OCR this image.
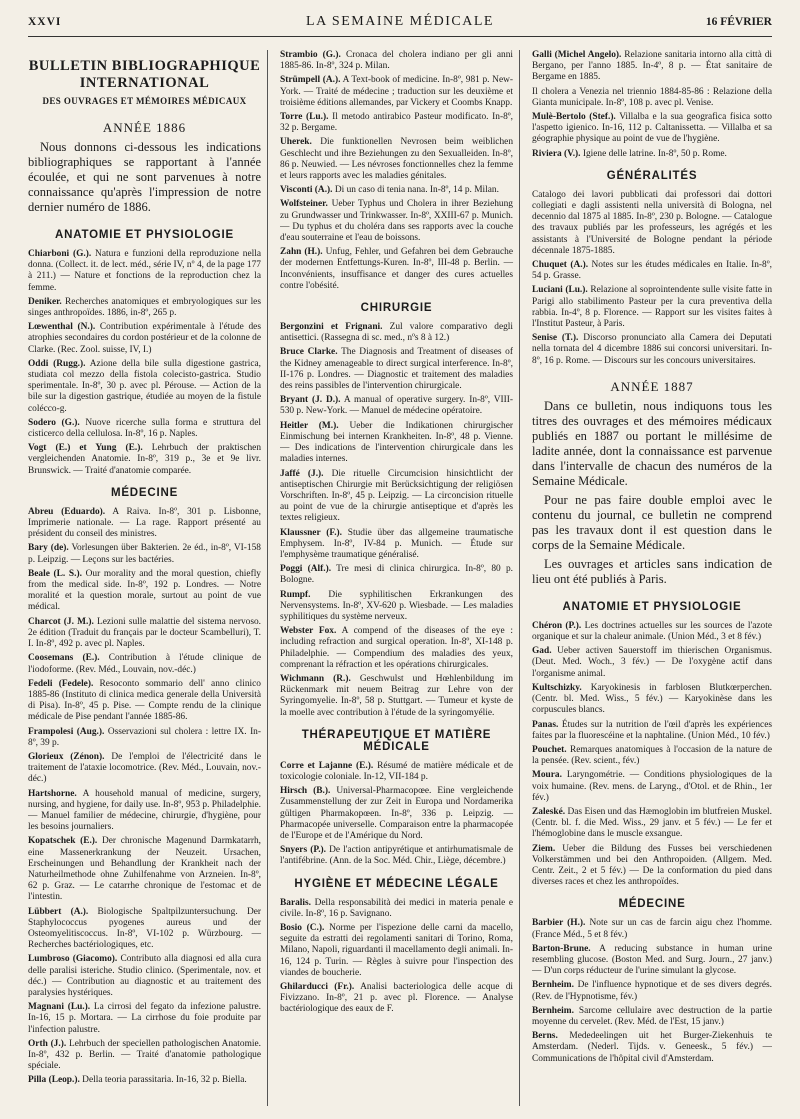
XXVI	LA SEMAINE MÉDICALE	16 FÉVRIER
BULLETIN BIBLIOGRAPHIQUE INTERNATIONAL
DES OUVRAGES ET MÉMOIRES MÉDICAUX
ANNÉE 1886

Nous donnons ci-dessous les indications bibliographiques se rapportant à l'année écoulée, et qui ne sont parvenues à notre connaissance qu'après l'impression de notre dernier numéro de 1886.

ANATOMIE ET PHYSIOLOGIE

Chiarboni (G.). Natura e funzioni della reproduzione nella donna. (Collect. it. de lect. méd., série IV, nº 4, de la page 177 à 211.) — Nature et fonctions de la reproduction chez la femme.

Deniker. Recherches anatomiques et embryologiques sur les singes anthropoïdes. 1886, in-8º, 265 p.

Lœwenthal (N.). Contribution expérimentale à l'étude des atrophies secondaires du cordon postérieur et de la colonne de Clarke. (Rec. Zool. suisse, IV, I.)

Oddi (Rugg.). Azione della bile sulla digestione gastrica, studiata col mezzo della fistola colecisto-gastrica. Studio sperimentale. In-8º, 30 p. avec pl. Pérouse. — Action de la bile sur la digestion gastrique, étudiée au moyen de la fistule colécco-g.

Sodero (G.). Nuove ricerche sulla forma e struttura del cisticerco della cellulosa. In-8º, 16 p. Naples.

Vogt (E.) et Yung (E.). Lehrbuch der praktischen vergleichenden Anatomie. In-8º, 319 p., 3e et 9e livr. Brunswick. — Traité d'anatomie comparée.

MÉDECINE

Abreu (Eduardo). A Raiva. In-8º, 301 p. Lisbonne, Imprimerie nationale. — La rage. Rapport présenté au président du conseil des ministres.

Bary (de). Vorlesungen über Bakterien. 2e éd., in-8º, VI-158 p. Leipzig. — Leçons sur les bactéries.

Beale (L. S.). Our morality and the moral question, chiefly from the medical side. In-8º, 192 p. Londres. — Notre moralité et la question morale, surtout au point de vue médical.

Charcot (J. M.). Lezioni sulle malattie del sistema nervoso. 2e édition (Traduit du français par le docteur Scambelluri), T. I. In-8º, 492 p. avec pl. Naples.

Coosemans (E.). Contribution à l'étude clinique de l'iodoforme. (Rev. Méd., Louvain, nov.-déc.)

Fedeli (Fedele). Resoconto sommario dell' anno clinico 1885-86 (Instituto di clinica medica generale della Università di Pisa). In-8º, 45 p. Pise. — Compte rendu de la clinique médicale de Pise pendant l'année 1885-86.

Frampolesi (Aug.). Osservazioni sul cholera : lettre IX. In-8º, 39 p.

Glorieux (Zénon). De l'emploi de l'électricité dans le traitement de l'ataxie locomotrice. (Rev. Méd., Louvain, nov.-déc.)

Hartshorne. A household manual of medicine, surgery, nursing, and hygiene, for daily use. In-8º, 953 p. Philadelphie. — Manuel familier de médecine, chirurgie, d'hygiène, pour les besoins journaliers.

Kopatschek (E.). Der chronische Magenund Darmkatarrh, eine Massenerkrankung der Neuzeit. Ursachen, Erscheinungen und Behandlung der Krankheit nach der Naturheilmethode ohne Zuhilfenahme von Arzneien. In-8º, 62 p. Graz. — Le catarrhe chronique de l'estomac et de l'intestin.

Lübbert (A.). Biologische Spaltpilzuntersuchung. Der Staphylococcus pyogenes aureus und der Osteomyelitiscoccus. In-8º, VI-102 p. Würzbourg. — Recherches bactériologiques, etc.

Lumbroso (Giacomo). Contributo alla diagnosi ed alla cura delle paralisi isteriche. Studio clinico. (Sperimentale, nov. et déc.) — Contribution au diagnostic et au traitement des paralysies hystériques.

Magnani (Lu.). La cirrosi del fegato da infezione palustre. In-16, 15 p. Mortara. — La cirrhose du foie produite par l'infection palustre.

Orth (J.). Lehrbuch der speciellen pathologischen Anatomie. In-8º, 432 p. Berlin. — Traité d'anatomie pathologique spéciale.

Pilla (Leop.). Della teoria parassitaria. In-16, 32 p. Biella.

Strambio (G.). Cronaca del cholera indiano per gli anni 1885-86. In-8º, 324 p. Milan.

Strümpell (A.). A Text-book of medicine. In-8º, 981 p. New-York. — Traité de médecine ; traduction sur les deuxième et troisième éditions allemandes, par Vickery et Coombs Knapp.

Torre (Lu.). Il metodo antirabico Pasteur modificato. In-8º, 32 p. Bergame.

Uherek. Die funktionellen Nevrosen beim weiblichen Geschlecht und ihre Beziehungen zu den Sexualleiden. In-8º, 86 p. Neuwied. — Les névroses fonctionnelles chez la femme et leurs rapports avec les maladies génitales.

Visconti (A.). Di un caso di tenia nana. In-8º, 14 p. Milan.

Wolfsteiner. Ueber Typhus und Cholera in ihrer Beziehung zu Grundwasser und Trinkwasser. In-8º, XXIII-67 p. Munich. — Du typhus et du choléra dans ses rapports avec la couche d'eau souterraine et l'eau de boissons.

Zahn (H.). Unfug, Fehler, und Gefahren bei dem Gebrauche der modernen Entfettungs-Kuren. In-8º, III-48 p. Berlin. — Inconvénients, insuffisance et danger des cures actuelles contre l'obésité.

CHIRURGIE

Bergonzini et Frignani. Zul valore comparativo degli antisettici. (Rassegna di sc. med., nºs 8 à 12.)

Bruce Clarke. The Diagnosis and Treatment of diseases of the Kidney amenageable to direct surgical interference. In-8º, II-176 p. Londres. — Diagnostic et traitement des maladies des reins passibles de l'intervention chirurgicale.

Bryant (J. D.). A manual of operative surgery. In-8º, VIII-530 p. New-York. — Manuel de médecine opératoire.

Heitler (M.). Ueber die Indikationen chirurgischer Einmischung bei internen Krankheiten. In-8º, 48 p. Vienne. — Des indications de l'intervention chirurgicale dans les maladies internes.

Jaffé (J.). Die rituelle Circumcision hinsichtlicht der antiseptischen Chirurgie mit Berücksichtigung der religiösen Vorschriften. In-8º, 45 p. Leipzig. — La circoncision rituelle au point de vue de la chirurgie antiseptique et d'après les textes religieux.

Klaussner (F.). Studie über das allgemeine traumatische Emphysem. In-8º, IV-84 p. Munich. — Étude sur l'emphysème traumatique généralisé.

Poggi (Alf.). Tre mesi di clinica chirurgica. In-8º, 80 p. Bologne.

Rumpf. Die syphilitischen Erkrankungen des Nervensystems. In-8º, XV-620 p. Wiesbade. — Les maladies syphilitiques du système nerveux.

Webster Fox. A compend of the diseases of the eye : including refraction and surgical operation. In-8º, XI-148 p. Philadelphie. — Compendium des maladies des yeux, comprenant la réfraction et les opérations chirurgicales.

Wichmann (R.). Geschwulst und Hœhlenbildung im Rückenmark mit neuem Beitrag zur Lehre von der Syringomyelie. In-8º, 58 p. Stuttgart. — Tumeur et kyste de la moelle avec contribution à l'étude de la syringomyélie.

THÉRAPEUTIQUE ET MATIÈRE MÉDICALE

Corre et Lajanne (E.). Résumé de matière médicale et de toxicologie coloniale. In-12, VII-184 p.

Hirsch (B.). Universal-Pharmacopœe. Eine vergleichende Zusammenstellung der zur Zeit in Europa und Nordamerika gültigen Pharmakopœen. In-8º, 336 p. Leipzig. — Pharmacopée universelle. Comparaison entre la pharmacopée de l'Europe et de l'Amérique du Nord.

Snyers (P.). De l'action antipyrétique et antirhumatismale de l'antifébrine. (Ann. de la Soc. Méd. Chir., Liège, décembre.)

HYGIÈNE ET MÉDECINE LÉGALE

Baralis. Della responsabilità dei medici in materia penale e civile. In-8º, 16 p. Savignano.

Bosio (C.). Norme per l'ispezione delle carni da macello, seguite da estratti dei regolamenti sanitari di Torino, Roma, Milano, Napoli, riguardanti il macellamento degli animali. In-16, 124 p. Turin. — Règles à suivre pour l'inspection des viandes de boucherie.

Ghilarducci (Fr.). Analisi bacteriologica delle acque di Fivizzano. In-8º, 21 p. avec pl. Florence. — Analyse bactériologique des eaux de F.

Galli (Michel Angelo). Relazione sanitaria intorno alla città di Bergano, per l'anno 1885. In-4º, 8 p. — État sanitaire de Bergame en 1885.

Il cholera a Venezia nel triennio 1884-85-86 : Relazione della Gianta municipale. In-8º, 108 p. avec pl. Venise.

Mulè-Bertolo (Stef.). Villalba e la sua geografica fisica sotto l'aspetto igienico. In-16, 112 p. Caltanissetta. — Villalba et sa géographie physique au point de vue de l'hygiène.

Riviera (V.). Igiene delle latrine. In-8º, 50 p. Rome.

GÉNÉRALITÉS

Catalogo dei lavori pubblicati dai professori dai dottori collegiati e dagli assistenti nella università di Bologna, nel decennio dal 1875 al 1885. In-8º, 230 p. Bologne. — Catalogue des travaux publiés par les professeurs, les agrégés et les assistants à l'Université de Bologne pendant la période décennale 1875-1885.

Chuquet (A.). Notes sur les études médicales en Italie. In-8º, 54 p. Grasse.

Luciani (Lu.). Relazione al soprointendente sulle visite fatte in Parigi allo stabilimento Pasteur per la cura preventiva della rabbia. In-4º, 8 p. Florence. — Rapport sur les visites faites à l'Institut Pasteur, à Paris.

Senise (T.). Discorso pronunciato alla Camera dei Deputati nella tornata del 4 dicembre 1886 sui concorsi universitari. In-8º, 16 p. Rome. — Discours sur les concours universitaires.

ANNÉE 1887

Dans ce bulletin, nous indiquons tous les titres des ouvrages et des mémoires médicaux publiés en 1887 ou portant le millésime de ladite année, dont la connaissance est parvenue dans l'intervalle de chacun des numéros de la Semaine Médicale.

Pour ne pas faire double emploi avec le contenu du journal, ce bulletin ne comprend pas les travaux dont il est question dans le corps de la Semaine Médicale.

Les ouvrages et articles sans indication de lieu ont été publiés à Paris.

ANATOMIE ET PHYSIOLOGIE

Chéron (P.). Les doctrines actuelles sur les sources de l'azote organique et sur la chaleur animale. (Union Méd., 3 et 8 fév.)

Gad. Ueber activen Sauerstoff im thierischen Organismus. (Deut. Med. Woch., 3 fév.) — De l'oxygène actif dans l'organisme animal.

Kultschizky. Karyokinesis in farblosen Blutkœrperchen. (Centr. bl. Med. Wiss., 5 fév.) — Karyokinèse dans les corpuscules blancs.

Panas. Études sur la nutrition de l'œil d'après les expériences faites par la fluorescéine et la naphtaline. (Union Méd., 10 fév.)

Pouchet. Remarques anatomiques à l'occasion de la nature de la pensée. (Rev. scient., fév.)

Moura. Laryngométrie. — Conditions physiologiques de la voix humaine. (Rev. mens. de Laryng., d'Otol. et de Rhin., 1er fév.)

Zaleské. Das Eisen und das Hæmoglobin im blutfreien Muskel. (Centr. bl. f. die Med. Wiss., 29 janv. et 5 fév.) — Le fer et l'hémoglobine dans le muscle exsangue.

Ziem. Ueber die Bildung des Fusses bei verschiedenen Volkerstämmen und bei den Anthropoiden. (Allgem. Med. Centr. Zeit., 2 et 5 fév.) — De la conformation du pied dans diverses races et chez les anthropoïdes.

MÉDECINE

Barbier (H.). Note sur un cas de farcin aigu chez l'homme. (France Méd., 5 et 8 fév.)

Barton-Brune. A reducing substance in human urine resembling glucose. (Boston Med. and Surg. Journ., 27 janv.) — D'un corps réducteur de l'urine simulant la glycose.

Bernheim. De l'influence hypnotique et de ses divers degrés. (Rev. de l'Hypnotisme, fév.)

Bernheim. Sarcome cellulaire avec destruction de la partie moyenne du cervelet. (Rev. Méd. de l'Est, 15 janv.)

Berns. Mededeelingen uit het Burger-Ziekenhuis te Amsterdam. (Nederl. Tijds. v. Geneesk., 5 fév.) — Communications de l'hôpital civil d'Amsterdam.
